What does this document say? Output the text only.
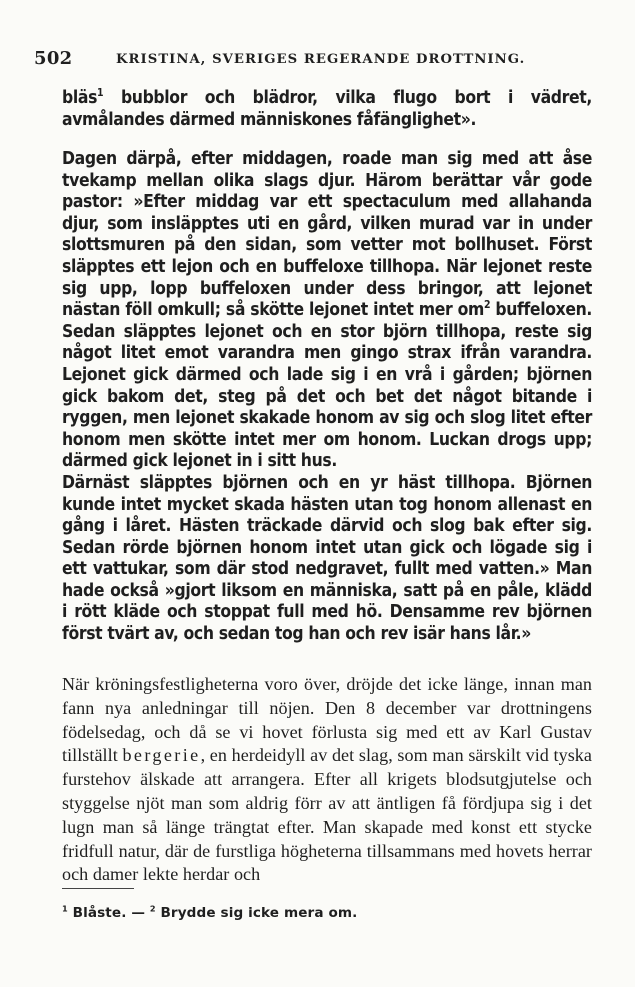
502	KRISTINA, SVERIGES REGERANDE DROTTNING.

bläs$^1$ bubblor och blädror, vilka flugo bort i vädret, avmålandes därmed människones fåfänglighet».

Dagen därpå, efter middagen, roade man sig med att åse tvekamp mellan olika slags djur. Härom berättar vår gode pastor: »Efter middag var ett spectaculum med allahanda djur, som insläpptes uti en gård, vilken murad var in under slottsmuren på den sidan, som vetter mot bollhuset. Först släpptes ett lejon och en buffeloxe tillhopa. När lejonet reste sig upp, lopp buffeloxen under dess bringor, att lejonet nästan föll omkull; så skötte lejonet intet mer $om^2$ buffeloxen. Sedan släpptes lejonet och en stor björn tillhopa, reste sig något litet emot varandra men gingo strax ifrån varandra. Lejonet gick därmed och lade sig i en vrå i gården; björnen gick bakom det, steg på det och bet det något bitande i ryggen, men lejonet skakade honom av sig och slog litet efter honom men skötte intet mer om honom. Luckan drogs upp; därmed gick lejonet in i sitt hus.

Därnäst släpptes björnen och en yr häst tillhopa. Björnen kunde intet mycket skada hästen utan tog honom allenast en gång i låret. Hästen träckade därvid och slog bak efter sig. Sedan rörde björnen honom intet utan gick och lögade sig i ett vattukar, som där stod nedgravet, fullt med vatten.» Man hade också »gjort liksom en människa, satt på en påle, klädd i rött kläde och stoppat full med hö. Densamme rev björnen först tvärt av, och sedan tog han och rev isär hans lår.»

När kröningsfestligheterna voro över, dröjde det icke länge, innan man fann nya anledningar till nöjen. Den 8 december var drottningens födelsedag, och då se vi hovet förlusta sig med ett av Karl Gustav tillställt bergerie, en herdeidyll av det slag, som man särskilt vid tyska furstehov älskade att arrangera. Efter all krigets blodsutgjutelse och styggelse njöt man som aldrig förr av att äntligen få fördjupa sig i det lugn man så länge trängtat efter. Man skapade med konst ett stycke fridfull natur, där de furstliga högheterna tillsammans med hovets herrar och damer lekte herdar och

$^1$ Blåste. — $^2$ Brydde sig icke mera om.
